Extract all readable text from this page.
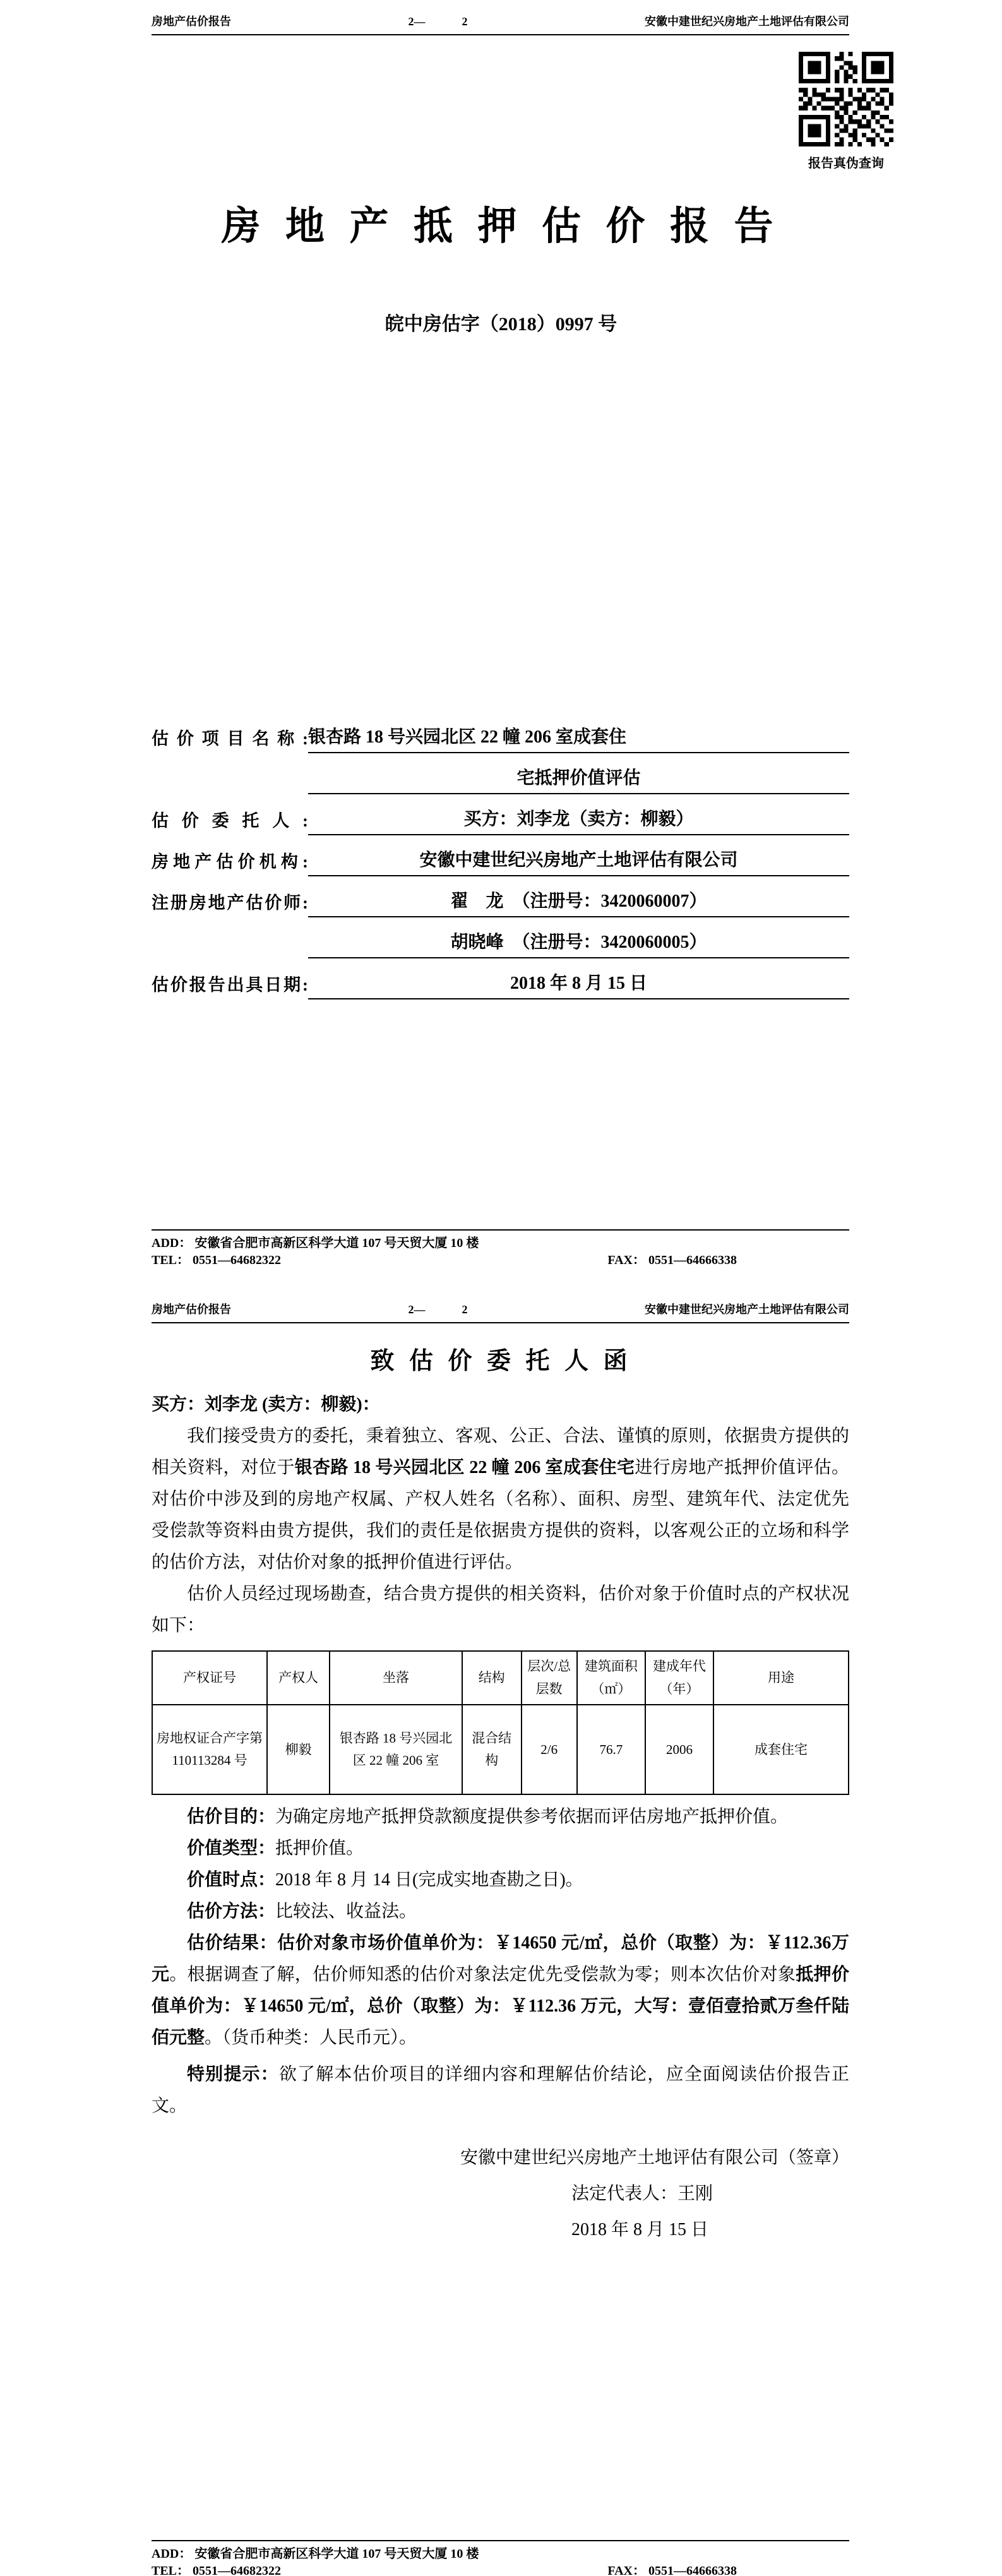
房地产估价报告	2—	2	安徽中建世纪兴房地产土地评估有限公司
报告真伪查询
房 地 产 抵 押 估 价 报 告
皖中房估字（2018）0997 号
估 价 项 目 名 称 : 银杏路 18 号兴园北区 22 幢 206 室成套住
宅抵押价值评估
估 价 委 托 人 :	买方：刘李龙（卖方：柳毅）
房地产估价机构:	安徽中建世纪兴房地产土地评估有限公司
注册房地产估价师:	翟　龙　（注册号：3420060007）
胡晓峰　（注册号：3420060005）
估价报告出具日期:	2018 年 8 月 15 日
ADD： 安徽省合肥市高新区科学大道 107 号天贸大厦 10 楼
TEL： 0551—64682322	FAX： 0551—64666338
房地产估价报告	2—	2	安徽中建世纪兴房地产土地评估有限公司
致 估 价 委 托 人 函

买方：刘李龙 (卖方：柳毅)：

我们接受贵方的委托，秉着独立、客观、公正、合法、谨慎的原则，依据贵方提供的相关资料，对位于银杏路 18 号兴园北区 22 幢 206 室成套住宅进行房地产抵押价值评估。对估价中涉及到的房地产权属、产权人姓名（名称）、面积、房型、建筑年代、法定优先受偿款等资料由贵方提供，我们的责任是依据贵方提供的资料，以客观公正的立场和科学的估价方法，对估价对象的抵押价值进行评估。

估价人员经过现场勘查，结合贵方提供的相关资料，估价对象于价值时点的产权状况如下：

产权证号	产权人	坐落	结构	层次/总层数	建筑面积（㎡）	建成年代（年）	用途
房地权证合产字第 110113284 号	柳毅	银杏路 18 号兴园北区 22 幢 206 室	混合结构	2/6	76.7	2006	成套住宅

估价目的：为确定房地产抵押贷款额度提供参考依据而评估房地产抵押价值。

价值类型：抵押价值。

价值时点：2018 年 8 月 14 日(完成实地查勘之日)。

估价方法：比较法、收益法。

估价结果：估价对象市场价值单价为：￥14650 元/㎡，总价（取整）为：￥112.36万元。根据调查了解，估价师知悉的估价对象法定优先受偿款为零；则本次估价对象抵押价值单价为：￥14650 元/㎡，总价（取整）为：￥112.36 万元，大写：壹佰壹拾贰万叁仟陆佰元整。（货币种类：人民币元）。

特别提示：欲了解本估价项目的详细内容和理解估价结论，应全面阅读估价报告正文。

安徽中建世纪兴房地产土地评估有限公司（签章）
法定代表人：王刚
2018 年 8 月 15 日
ADD： 安徽省合肥市高新区科学大道 107 号天贸大厦 10 楼
TEL： 0551—64682322	FAX： 0551—64666338
